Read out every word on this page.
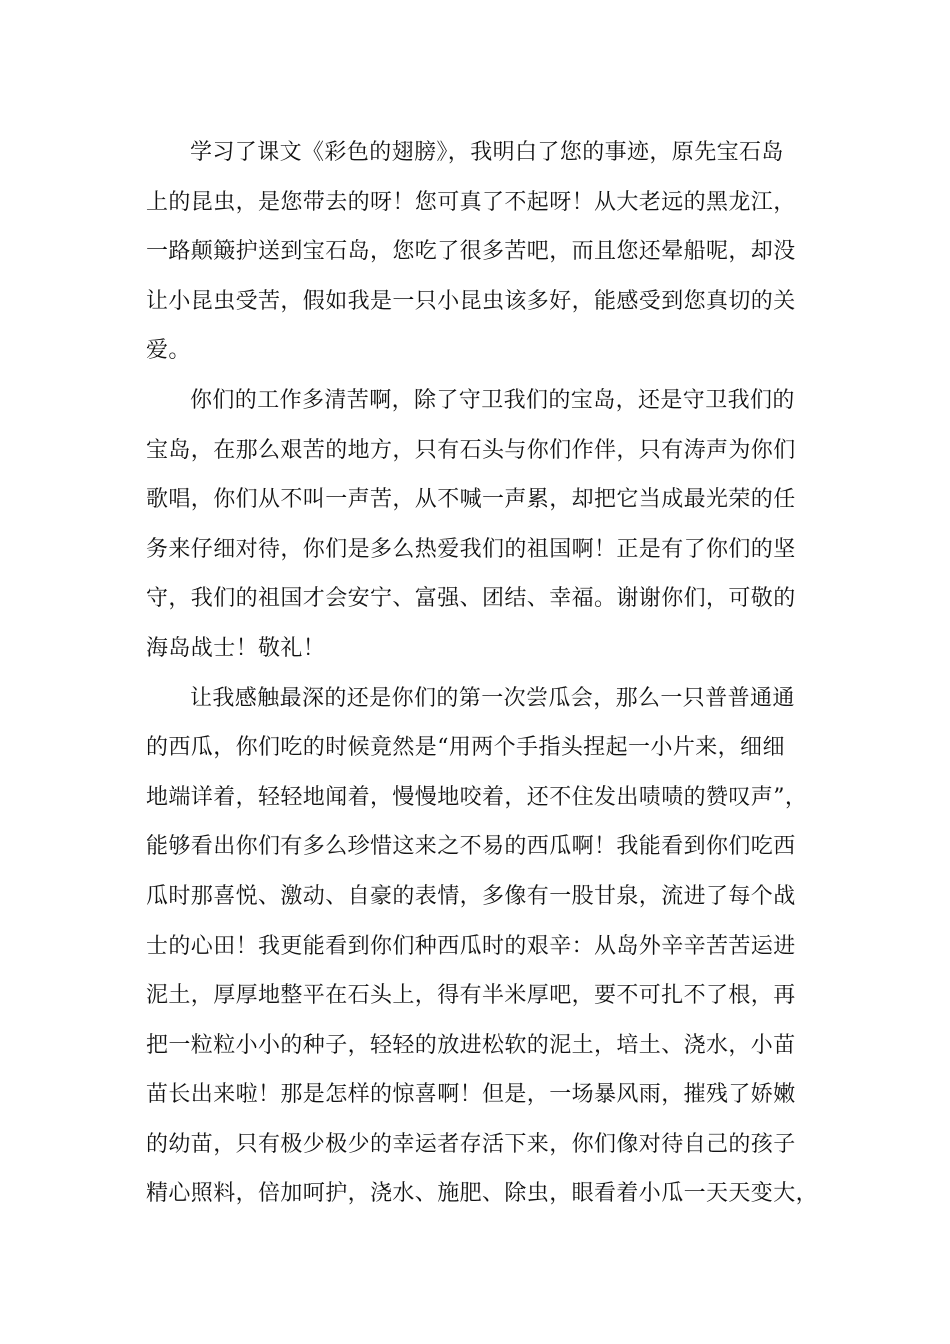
学习了课文《彩色的翅膀》，我明白了您的事迹，原先宝石岛
上的昆虫，是您带去的呀！您可真了不起呀！从大老远的黑龙江，
一路颠簸护送到宝石岛，您吃了很多苦吧，而且您还晕船呢，却没
让小昆虫受苦，假如我是一只小昆虫该多好，能感受到您真切的关
爱。
你们的工作多清苦啊，除了守卫我们的宝岛，还是守卫我们的
宝岛，在那么艰苦的地方，只有石头与你们作伴，只有涛声为你们
歌唱，你们从不叫一声苦，从不喊一声累，却把它当成最光荣的任
务来仔细对待，你们是多么热爱我们的祖国啊！正是有了你们的坚
守，我们的祖国才会安宁、富强、团结、幸福。谢谢你们，可敬的
海岛战士！敬礼！
让我感触最深的还是你们的第一次尝瓜会，那么一只普普通通
的西瓜，你们吃的时候竟然是“用两个手指头捏起一小片来，细细
地端详着，轻轻地闻着，慢慢地咬着，还不住发出啧啧的赞叹声”，
能够看出你们有多么珍惜这来之不易的西瓜啊！我能看到你们吃西
瓜时那喜悦、激动、自豪的表情，多像有一股甘泉，流进了每个战
士的心田！我更能看到你们种西瓜时的艰辛：从岛外辛辛苦苦运进
泥土，厚厚地整平在石头上，得有半米厚吧，要不可扎不了根，再
把一粒粒小小的种子，轻轻的放进松软的泥土，培土、浇水，小苗
苗长出来啦！那是怎样的惊喜啊！但是，一场暴风雨，摧残了娇嫩
的幼苗，只有极少极少的幸运者存活下来，你们像对待自己的孩子
精心照料，倍加呵护，浇水、施肥、除虫，眼看着小瓜一天天变大，
